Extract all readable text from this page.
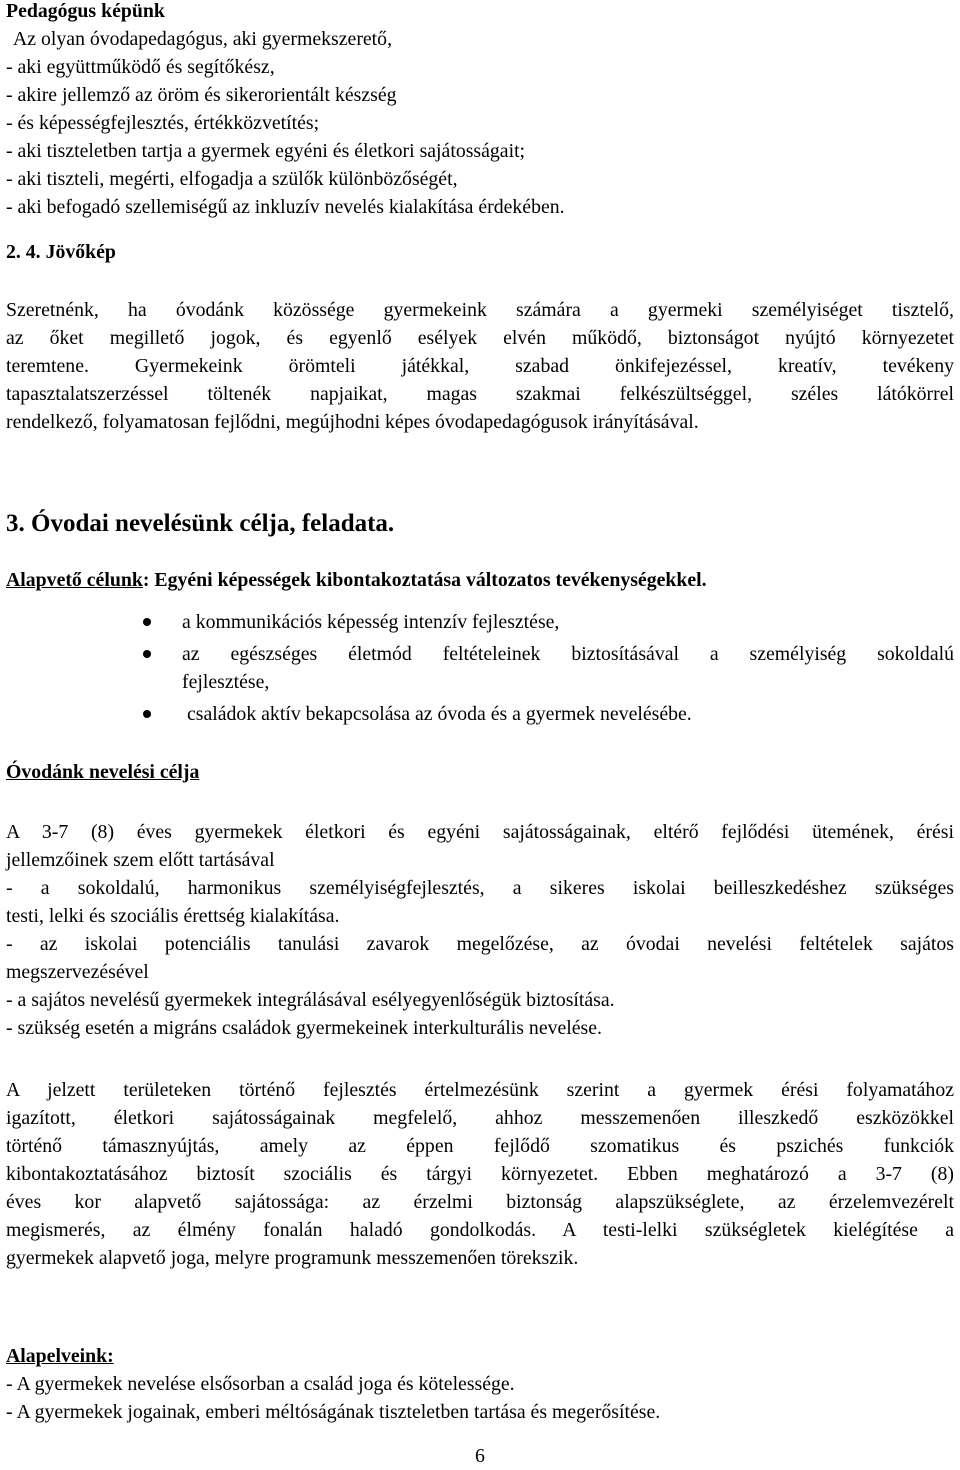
Pedagógus képünk
Az olyan óvodapedagógus, aki gyermekszerető,
- aki együttműködő és segítőkész,
- akire jellemző az öröm és sikerorientált készség
- és képességfejlesztés, értékközvetítés;
- aki tiszteletben tartja a gyermek egyéni és életkori sajátosságait;
- aki tiszteli, megérti, elfogadja a szülők különbözőségét,
- aki befogadó szellemiségű az inkluzív nevelés kialakítása érdekében.
2. 4. Jövőkép
Szeretnénk, ha óvodánk közössége gyermekeink számára a gyermeki személyiséget tisztelő,
az őket megillető jogok, és egyenlő esélyek elvén működő, biztonságot nyújtó környezetet
teremtene. Gyermekeink örömteli játékkal, szabad önkifejezéssel, kreatív, tevékeny
tapasztalatszerzéssel töltenék napjaikat, magas szakmai felkészültséggel, széles látókörrel
rendelkező, folyamatosan fejlődni, megújhodni képes óvodapedagógusok irányításával.
3. Óvodai nevelésünk célja, feladata.
Alapvető célunk: Egyéni képességek kibontakoztatása változatos tevékenységekkel.
a kommunikációs képesség intenzív fejlesztése,
az egészséges életmód feltételeinek biztosításával a személyiség sokoldalú
fejlesztése,
családok aktív bekapcsolása az óvoda és a gyermek nevelésébe.
Óvodánk nevelési célja
A 3-7 (8) éves gyermekek életkori és egyéni sajátosságainak, eltérő fejlődési ütemének, érési
jellemzőinek szem előtt tartásával
- a sokoldalú, harmonikus személyiségfejlesztés, a sikeres iskolai beilleszkedéshez szükséges
testi, lelki és szociális érettség kialakítása.
- az iskolai potenciális tanulási zavarok megelőzése, az óvodai nevelési feltételek sajátos
megszervezésével
- a sajátos nevelésű gyermekek integrálásával esélyegyenlőségük biztosítása.
- szükség esetén a migráns családok gyermekeinek interkulturális nevelése.
A jelzett területeken történő fejlesztés értelmezésünk szerint a gyermek érési folyamatához
igazított, életkori sajátosságainak megfelelő, ahhoz messzemenően illeszkedő eszközökkel
történő támasznyújtás, amely az éppen fejlődő szomatikus és pszichés funkciók
kibontakoztatásához biztosít szociális és tárgyi környezetet. Ebben meghatározó a 3-7 (8)
éves kor alapvető sajátossága: az érzelmi biztonság alapszükséglete, az érzelemvezérelt
megismerés, az élmény fonalán haladó gondolkodás. A testi-lelki szükségletek kielégítése a
gyermekek alapvető joga, melyre programunk messzemenően törekszik.
Alapelveink:
- A gyermekek nevelése elsősorban a család joga és kötelessége.
- A gyermekek jogainak, emberi méltóságának tiszteletben tartása és megerősítése.
6
